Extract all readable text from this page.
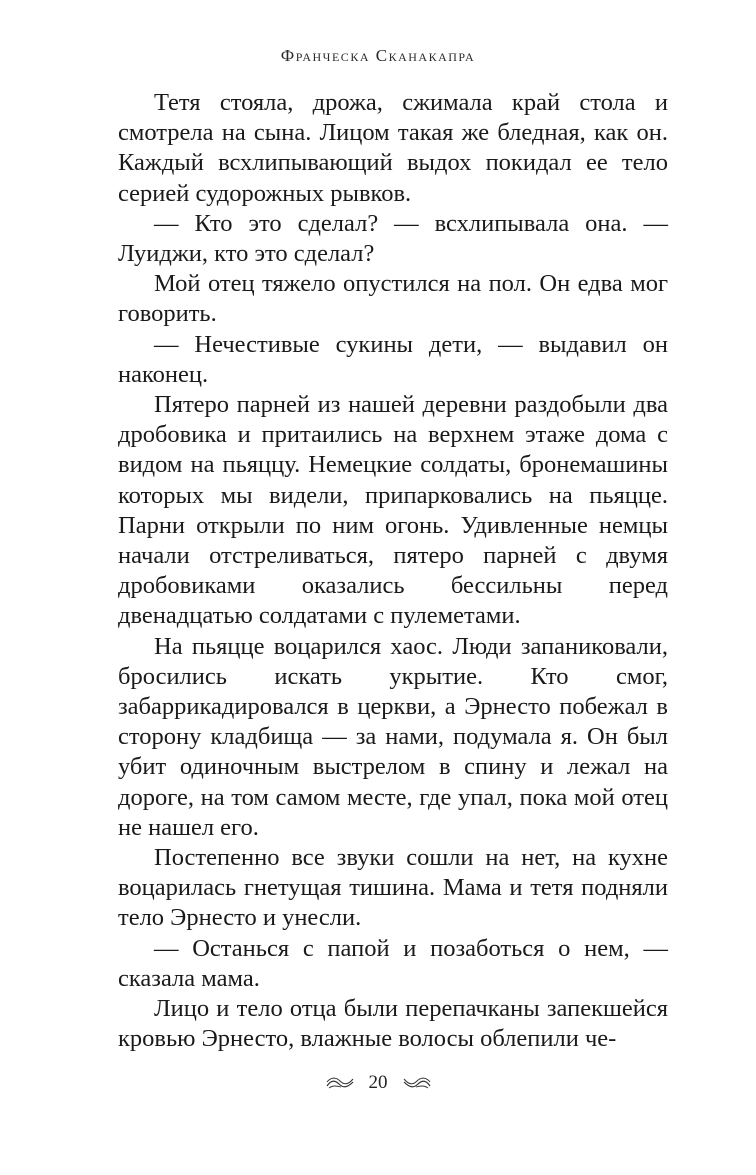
Франческа Сканакапра

Тетя стояла, дрожа, сжимала край стола и смотрела на сына. Лицом такая же бледная, как он. Каждый всхлипывающий выдох покидал ее тело серией судорожных рывков.

— Кто это сделал? — всхлипывала она. — Луиджи, кто это сделал?

Мой отец тяжело опустился на пол. Он едва мог говорить.

— Нечестивые сукины дети, — выдавил он наконец.

Пятеро парней из нашей деревни раздобыли два дробовика и притаились на верхнем этаже дома с видом на пьяццу. Немецкие солдаты, бронемашины которых мы видели, припарковались на пьяцце. Парни открыли по ним огонь. Удивленные немцы начали отстреливаться, пятеро парней с двумя дробовиками оказались бессильны перед двенадцатью солдатами с пулеметами.

На пьяцце воцарился хаос. Люди запаниковали, бросились искать укрытие. Кто смог, забаррикадировался в церкви, а Эрнесто побежал в сторону кладбища — за нами, подумала я. Он был убит одиночным выстрелом в спину и лежал на дороге, на том самом месте, где упал, пока мой отец не нашел его.

Постепенно все звуки сошли на нет, на кухне воцарилась гнетущая тишина. Мама и тетя подняли тело Эрнесто и унесли.

— Останься с папой и позаботься о нем, — сказала мама.

Лицо и тело отца были перепачканы запекшейся кровью Эрнесто, влажные волосы облепили че-

20
